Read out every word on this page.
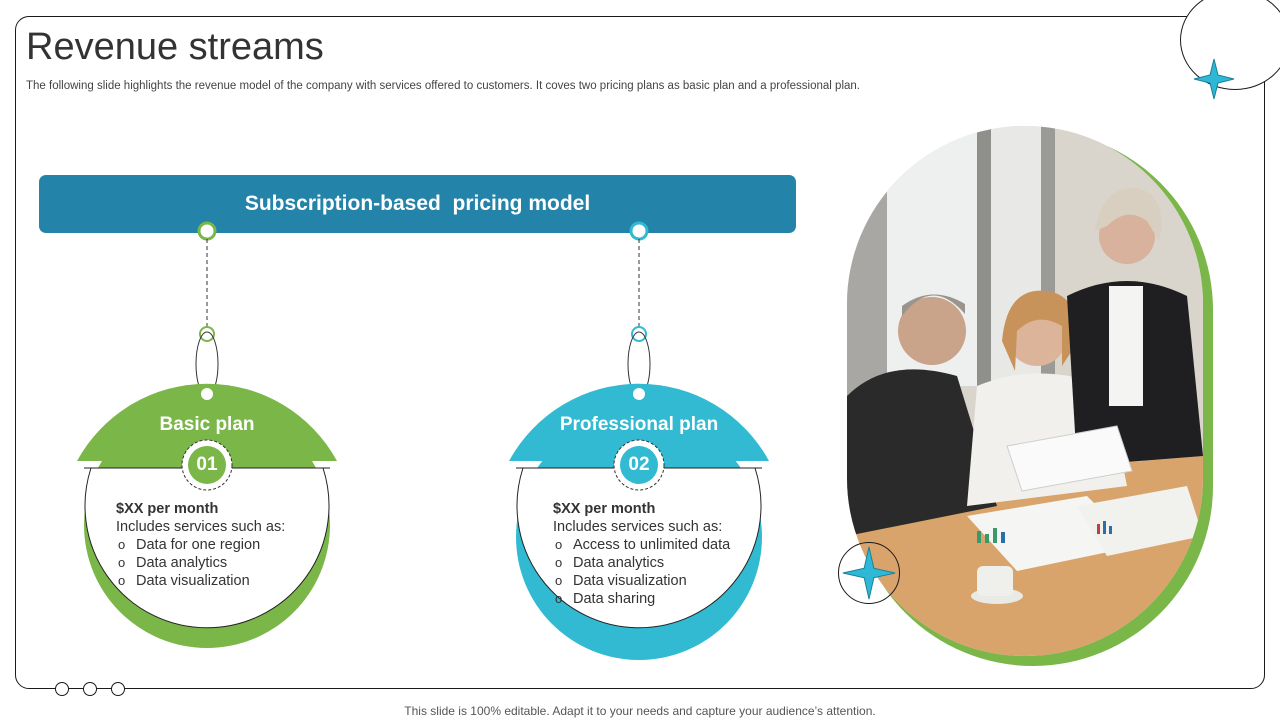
Revenue streams

The following slide highlights the revenue model of the company with services offered to customers. It coves two pricing plans as basic plan and a professional plan.

Subscription-based  pricing model
Basic plan
01
$XX per month
Includes services such as:
o Data for one region
o Data analytics
o Data visualization
Professional plan
02
$XX per month
Includes services such as:
o Access to unlimited data
o Data analytics
o Data visualization
o Data sharing
This slide is 100% editable. Adapt it to your needs and capture your audience’s attention.
